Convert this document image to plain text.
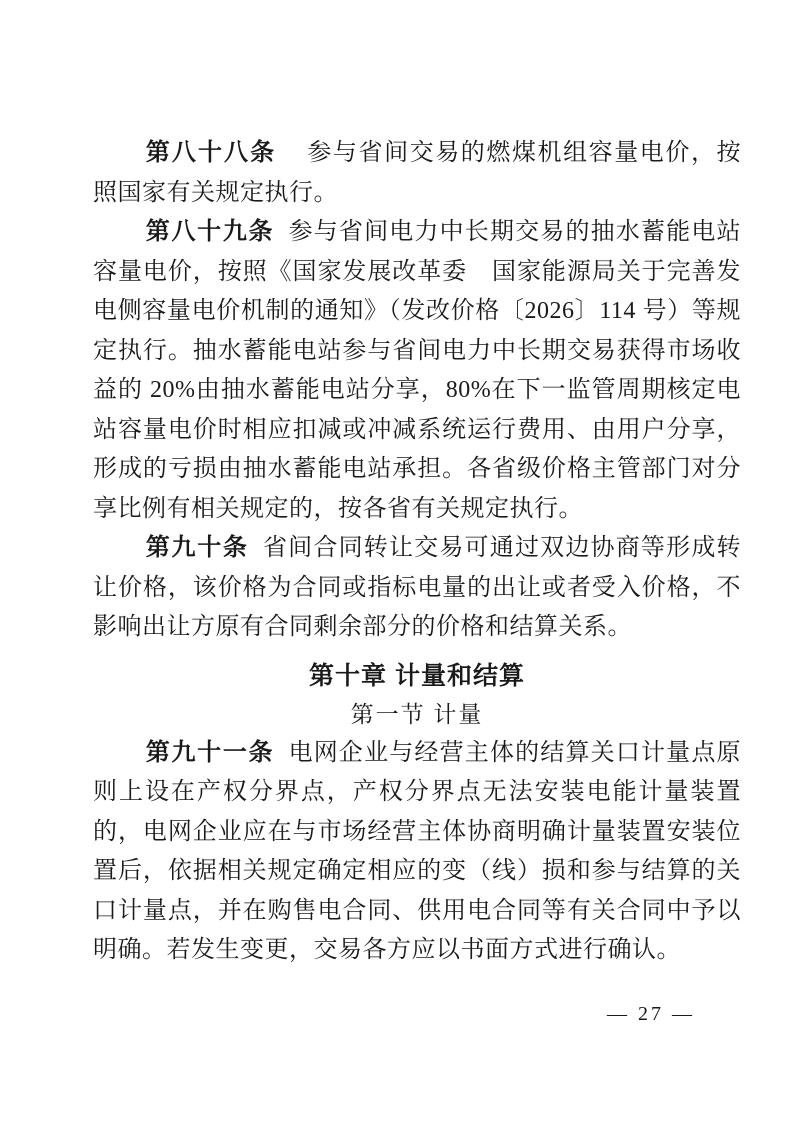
第八十八条 参与省间交易的燃煤机组容量电价，按照国家有关规定执行。

第八十九条 参与省间电力中长期交易的抽水蓄能电站容量电价，按照《国家发展改革委　国家能源局关于完善发电侧容量电价机制的通知》（发改价格〔2026〕114 号）等规定执行。抽水蓄能电站参与省间电力中长期交易获得市场收益的 20%由抽水蓄能电站分享，80%在下一监管周期核定电站容量电价时相应扣减或冲减系统运行费用、由用户分享，形成的亏损由抽水蓄能电站承担。各省级价格主管部门对分享比例有相关规定的，按各省有关规定执行。

第九十条 省间合同转让交易可通过双边协商等形成转让价格，该价格为合同或指标电量的出让或者受入价格，不影响出让方原有合同剩余部分的价格和结算关系。

第十章 计量和结算
第一节 计量

第九十一条 电网企业与经营主体的结算关口计量点原则上设在产权分界点，产权分界点无法安装电能计量装置的，电网企业应在与市场经营主体协商明确计量装置安装位置后，依据相关规定确定相应的变（线）损和参与结算的关口计量点，并在购售电合同、供用电合同等有关合同中予以明确。若发生变更，交易各方应以书面方式进行确认。

— 27 —
